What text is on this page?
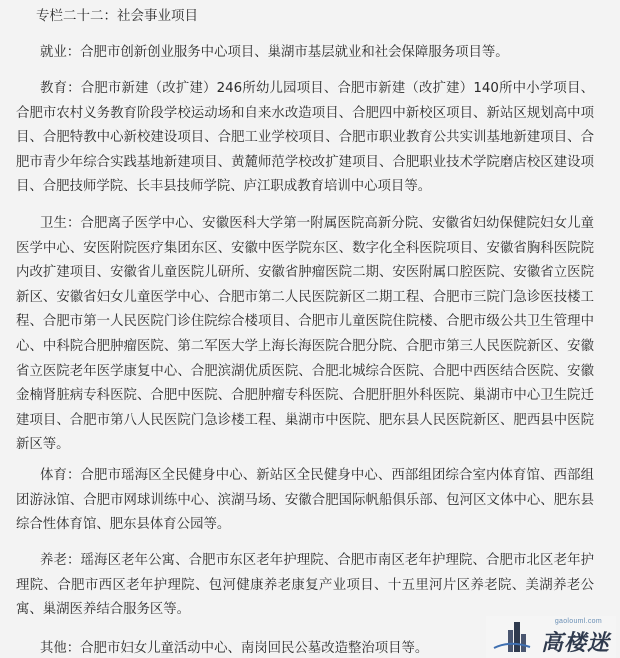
专栏二十二：社会事业项目

就业：合肥市创新创业服务中心项目、巢湖市基层就业和社会保障服务项目等。

教育：合肥市新建（改扩建）246所幼儿园项目、合肥市新建（改扩建）140所中小学项目、合肥市农村义务教育阶段学校运动场和自来水改造项目、合肥四中新校区项目、新站区规划高中项目、合肥特教中心新校建设项目、合肥工业学校项目、合肥市职业教育公共实训基地新建项目、合肥市青少年综合实践基地新建项目、黄麓师范学校改扩建项目、合肥职业技术学院磨店校区建设项目、合肥技师学院、长丰县技师学院、庐江职成教育培训中心项目等。

卫生：合肥离子医学中心、安徽医科大学第一附属医院高新分院、安徽省妇幼保健院妇女儿童医学中心、安医附院医疗集团东区、安徽中医学院东区、数字化全科医院项目、安徽省胸科医院院内改扩建项目、安徽省儿童医院儿研所、安徽省肿瘤医院二期、安医附属口腔医院、安徽省立医院新区、安徽省妇女儿童医学中心、合肥市第二人民医院新区二期工程、合肥市三院门急诊医技楼工程、合肥市第一人民医院门诊住院综合楼项目、合肥市儿童医院住院楼、合肥市级公共卫生管理中心、中科院合肥肿瘤医院、第二军医大学上海长海医院合肥分院、合肥市第三人民医院新区、安徽省立医院老年医学康复中心、合肥滨湖优质医院、合肥北城综合医院、合肥中西医结合医院、安徽金楠肾脏病专科医院、合肥中医院、合肥肿瘤专科医院、合肥肝胆外科医院、巢湖市中心卫生院迁建项目、合肥市第八人民医院门急诊楼工程、巢湖市中医院、肥东县人民医院新区、肥西县中医院新区等。

体育：合肥市瑶海区全民健身中心、新站区全民健身中心、西部组团综合室内体育馆、西部组团游泳馆、合肥市网球训练中心、滨湖马场、安徽合肥国际帆船俱乐部、包河区文体中心、肥东县综合性体育馆、肥东县体育公园等。

养老：瑶海区老年公寓、合肥市东区老年护理院、合肥市南区老年护理院、合肥市北区老年护理院、合肥市西区老年护理院、包河健康养老康复产业项目、十五里河片区养老院、美湖养老公寓、巢湖医养结合服务区等。

其他：合肥市妇女儿童活动中心、南岗回民公墓改造整治项目等。

gaolouml.com
高楼迷
